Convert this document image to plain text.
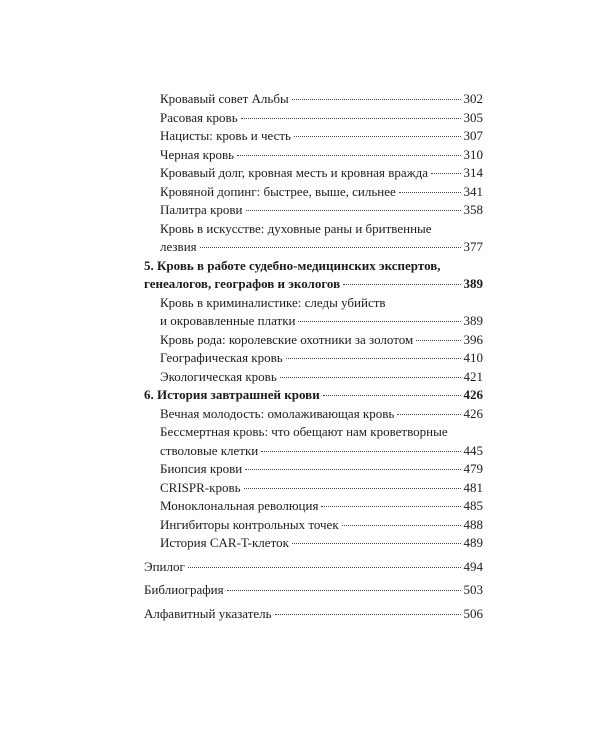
Кровавый совет Альбы	302
Расовая кровь	305
Нацисты: кровь и честь	307
Черная кровь	310
Кровавый долг, кровная месть и кровная вражда	314
Кровяной допинг: быстрее, выше, сильнее	341
Палитра крови	358
Кровь в искусстве: духовные раны и бритвенные
лезвия	377
5. Кровь в работе судебно-медицинских экспертов,
генеалогов, географов и экологов	389
Кровь в криминалистике: следы убийств
и окровавленные платки	389
Кровь рода: королевские охотники за золотом	396
Географическая кровь	410
Экологическая кровь	421
6. История завтрашней крови	426
Вечная молодость: омолаживающая кровь	426
Бессмертная кровь: что обещают нам кроветворные
стволовые клетки	445
Биопсия крови	479
CRISPR-кровь	481
Моноклональная революция	485
Ингибиторы контрольных точек	488
История CAR-T-клеток	489
Эпилог	494
Библиография	503
Алфавитный указатель	506
